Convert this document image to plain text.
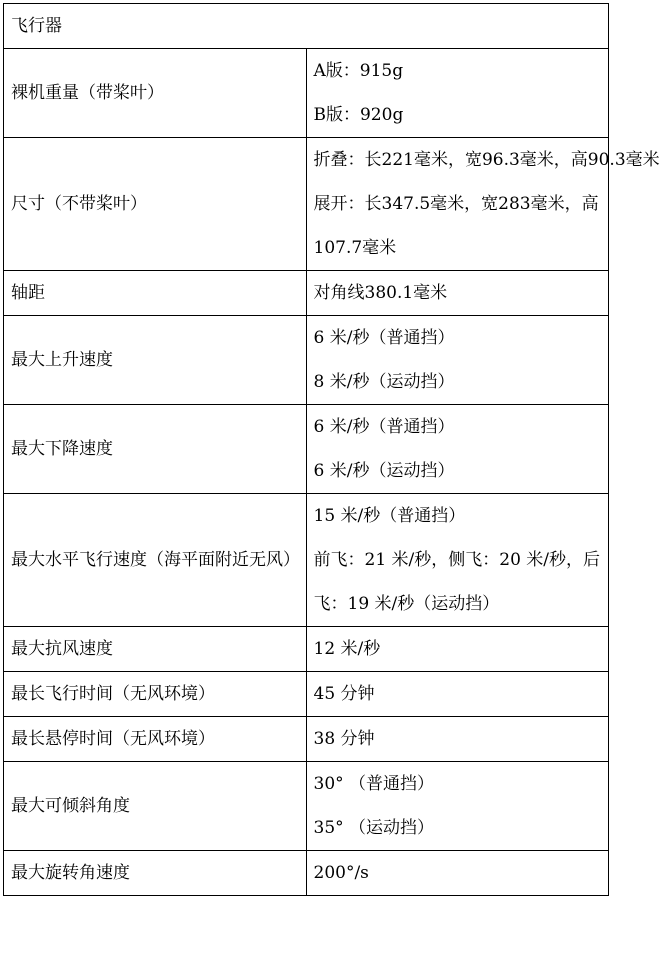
飞行器	
裸机重量（带桨叶）	A版：915g
B版：920g

尺寸（不带桨叶）	折叠：长221毫米，宽96.3毫米，高90.3毫米
展开：长347.5毫米，宽283毫米，高107.7毫米

轴距	对角线380.1毫米

最大上升速度	6 米/秒（普通挡）
8 米/秒（运动挡）

最大下降速度	6 米/秒（普通挡）
6 米/秒（运动挡）

最大水平飞行速度（海平面附近无风）	15 米/秒（普通挡）
前飞：21 米/秒，侧飞：20 米/秒，后飞：19 米/秒（运动挡）

最大抗风速度	12 米/秒

最长飞行时间（无风环境）	45 分钟

最长悬停时间（无风环境）	38 分钟

最大可倾斜角度	30° （普通挡）
35° （运动挡）

最大旋转角速度	200°/s
